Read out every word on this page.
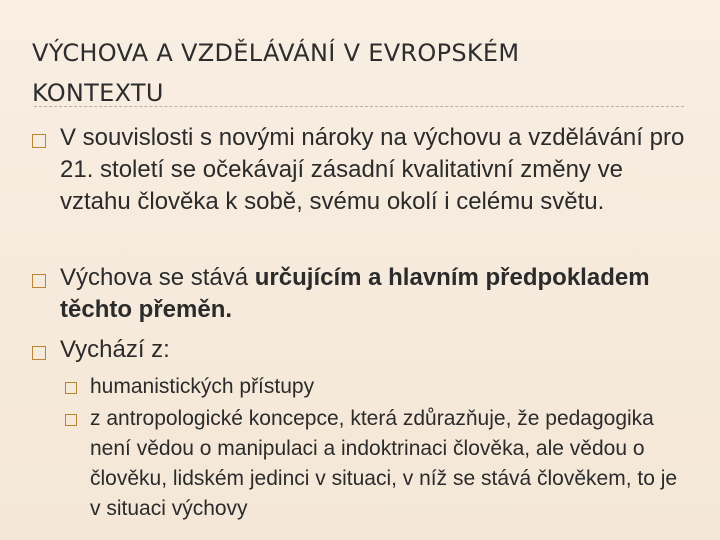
VÝCHOVA A VZDĚLÁVÁNÍ V EVROPSKÉM
KONTEXTU
V souvislosti s novými nároky na výchovu a vzdělávání pro 21. století se očekávají zásadní kvalitativní změny ve vztahu člověka k sobě, svému okolí i celému světu.
Výchova se stává určujícím a hlavním předpokladem těchto přeměn.
Vychází z:
humanistických přístupy
z antropologické koncepce, která zdůrazňuje, že pedagogika není vědou o manipulaci a indoktrinaci člověka, ale vědou o člověku, lidském jedinci v situaci, v níž se stává člověkem, to je v situaci výchovy
